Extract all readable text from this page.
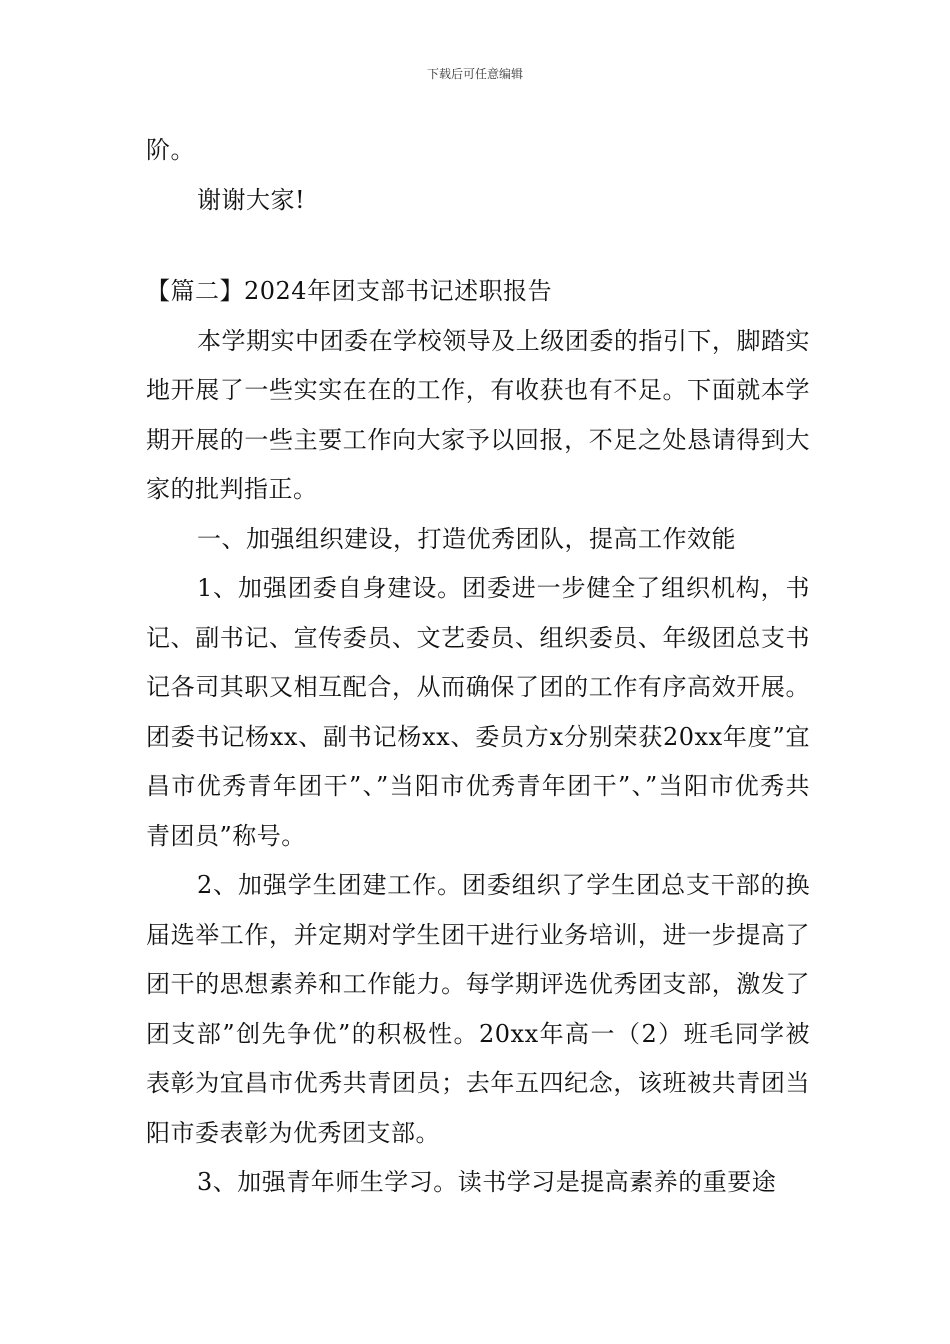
下载后可任意编辑

阶。

谢谢大家!

【篇二】2024年团支部书记述职报告

本学期实中团委在学校领导及上级团委的指引下，脚踏实地开展了一些实实在在的工作，有收获也有不足。下面就本学期开展的一些主要工作向大家予以回报，不足之处恳请得到大家的批判指正。

一、加强组织建设，打造优秀团队，提高工作效能

1、加强团委自身建设。团委进一步健全了组织机构，书记、副书记、宣传委员、文艺委员、组织委员、年级团总支书记各司其职又相互配合，从而确保了团的工作有序高效开展。团委书记杨xx、副书记杨xx、委员方x分别荣获20xx年度”宜昌市优秀青年团干”、”当阳市优秀青年团干”、”当阳市优秀共青团员”称号。

2、加强学生团建工作。团委组织了学生团总支干部的换届选举工作，并定期对学生团干进行业务培训，进一步提高了团干的思想素养和工作能力。每学期评选优秀团支部，激发了团支部”创先争优”的积极性。20xx年高一（2）班毛同学被表彰为宜昌市优秀共青团员；去年五四纪念，该班被共青团当阳市委表彰为优秀团支部。

3、加强青年师生学习。读书学习是提高素养的重要途
